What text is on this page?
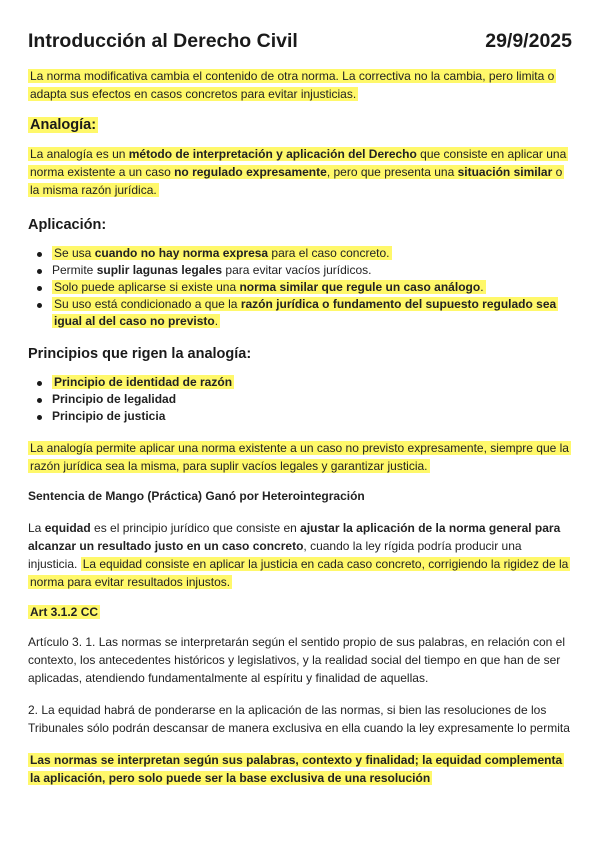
Introducción al Derecho Civil	29/9/2025

La norma modificativa cambia el contenido de otra norma. La correctiva no la cambia, pero limita o adapta sus efectos en casos concretos para evitar injusticias.

Analogía:

La analogía es un método de interpretación y aplicación del Derecho que consiste en aplicar una norma existente a un caso no regulado expresamente, pero que presenta una situación similar o la misma razón jurídica.

Aplicación:

Se usa cuando no hay norma expresa para el caso concreto.
Permite suplir lagunas legales para evitar vacíos jurídicos.
Solo puede aplicarse si existe una norma similar que regule un caso análogo.
Su uso está condicionado a que la razón jurídica o fundamento del supuesto regulado sea igual al del caso no previsto.

Principios que rigen la analogía:

Principio de identidad de razón
Principio de legalidad
Principio de justicia

La analogía permite aplicar una norma existente a un caso no previsto expresamente, siempre que la razón jurídica sea la misma, para suplir vacíos legales y garantizar justicia.

Sentencia de Mango (Práctica) Ganó por Heterointegración

La equidad es el principio jurídico que consiste en ajustar la aplicación de la norma general para alcanzar un resultado justo en un caso concreto, cuando la ley rígida podría producir una injusticia. La equidad consiste en aplicar la justicia en cada caso concreto, corrigiendo la rigidez de la norma para evitar resultados injustos.

Art 3.1.2 CC

Artículo 3. 1. Las normas se interpretarán según el sentido propio de sus palabras, en relación con el contexto, los antecedentes históricos y legislativos, y la realidad social del tiempo en que han de ser aplicadas, atendiendo fundamentalmente al espíritu y finalidad de aquellas.

2. La equidad habrá de ponderarse en la aplicación de las normas, si bien las resoluciones de los Tribunales sólo podrán descansar de manera exclusiva en ella cuando la ley expresamente lo permita

Las normas se interpretan según sus palabras, contexto y finalidad; la equidad complementa la aplicación, pero solo puede ser la base exclusiva de una resolución
